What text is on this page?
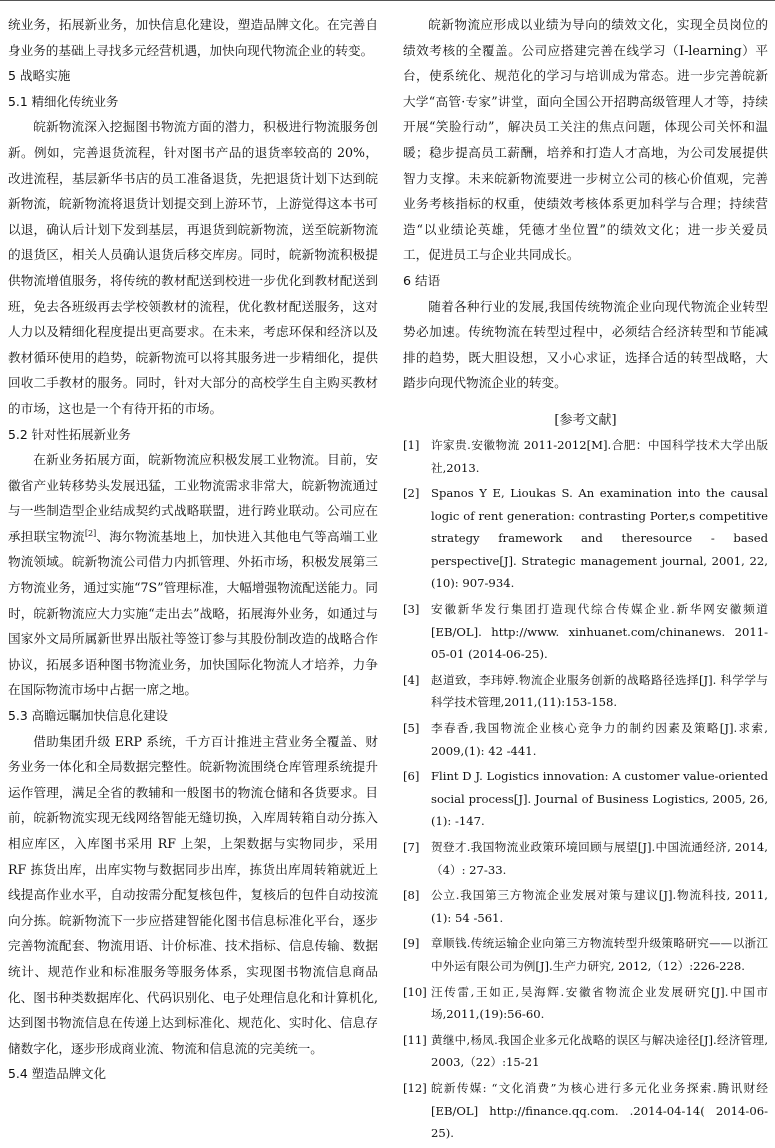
统业务，拓展新业务，加快信息化建设，塑造品牌文化。在完善自身业务的基础上寻找多元经营机遇，加快向现代物流企业的转变。

5 战略实施
5.1 精细化传统业务

皖新物流深入挖掘图书物流方面的潜力，积极进行物流服务创新。例如，完善退货流程，针对图书产品的退货率较高的 20%，改进流程，基层新华书店的员工准备退货，先把退货计划下达到皖新物流，皖新物流将退货计划提交到上游环节，上游觉得这本书可以退，确认后计划下发到基层，再退货到皖新物流，送至皖新物流的退货区，相关人员确认退货后移交库房。同时，皖新物流积极提供物流增值服务，将传统的教材配送到校进一步优化到教材配送到班，免去各班级再去学校领教材的流程，优化教材配送服务，这对人力以及精细化程度提出更高要求。在未来，考虑环保和经济以及教材循环使用的趋势，皖新物流可以将其服务进一步精细化，提供回收二手教材的服务。同时，针对大部分的高校学生自主购买教材的市场，这也是一个有待开拓的市场。

5.2 针对性拓展新业务

在新业务拓展方面，皖新物流应积极发展工业物流。目前，安徽省产业转移势头发展迅猛，工业物流需求非常大，皖新物流通过与一些制造型企业结成契约式战略联盟，进行跨业联动。公司应在承担联宝物流[2]、海尔物流基地上，加快进入其他电气等高端工业物流领域。皖新物流公司借力内抓管理、外拓市场，积极发展第三方物流业务，通过实施“7S”管理标准，大幅增强物流配送能力。同时，皖新物流应大力实施“走出去”战略，拓展海外业务，如通过与国家外文局所属新世界出版社等签订参与其股份制改造的战略合作协议，拓展多语种图书物流业务，加快国际化物流人才培养，力争在国际物流市场中占据一席之地。

5.3 高瞻远瞩加快信息化建设

借助集团升级 ERP 系统，千方百计推进主营业务全覆盖、财务业务一体化和全局数据完整性。皖新物流围绕仓库管理系统提升运作管理，满足全省的教辅和一般图书的物流仓储和各货要求。目前，皖新物流实现无线网络智能无缝切换，入库周转箱自动分拣入相应库区，入库图书采用 RF 上架，上架数据与实物同步，采用 RF 拣货出库，出库实物与数据同步出库，拣货出库周转箱就近上线提高作业水平，自动按需分配复核包件，复核后的包件自动按流向分拣。皖新物流下一步应搭建智能化图书信息标准化平台，逐步完善物流配套、物流用语、计价标准、技术指标、信息传输、数据统计、规范作业和标准服务等服务体系，实现图书物流信息商品化、图书种类数据库化、代码识别化、电子处理信息化和计算机化,达到图书物流信息在传递上达到标准化、规范化、实时化、信息存储数字化，逐步形成商业流、物流和信息流的完美统一。

5.4 塑造品牌文化

皖新物流应形成以业绩为导向的绩效文化，实现全员岗位的绩效考核的全覆盖。公司应搭建完善在线学习（I-learning）平台，使系统化、规范化的学习与培训成为常态。进一步完善皖新大学“高管·专家”讲堂，面向全国公开招聘高级管理人才等，持续开展“笑脸行动”，解决员工关注的焦点问题，体现公司关怀和温暖；稳步提高员工薪酬，培养和打造人才高地，为公司发展提供智力支撑。未来皖新物流要进一步树立公司的核心价值观，完善业务考核指标的权重，使绩效考核体系更加科学与合理；持续营造“以业绩论英雄，凭德才坐位置”的绩效文化；进一步关爱员工，促进员工与企业共同成长。

6 结语

随着各种行业的发展,我国传统物流企业向现代物流企业转型势必加速。传统物流在转型过程中，必须结合经济转型和节能减排的趋势，既大胆设想，又小心求证，选择合适的转型战略，大踏步向现代物流企业的转变。

[参考文献]
[1] 许家贵.安徽物流 2011-2012[M].合肥：中国科学技术大学出版社,2013.
[2] Spanos Y E, Lioukas S. An examination into the causal logic of rent generation: contrasting Porter,s competitive strategy framework and theresource - based perspective[J]. Strategic management journal, 2001, 22,(10): 907-934.
[3] 安徽新华发行集团打造现代综合传媒企业.新华网安徽频道[EB/OL]. http://www. xinhuanet.com/chinanews. 2011-05-01 (2014-06-25).
[4] 赵道致，李玮婷.物流企业服务创新的战略路径选择[J]. 科学学与科学技术管理,2011,(11):153-158.
[5] 李春香,我国物流企业核心竞争力的制约因素及策略[J].求索, 2009,(1): 42 -441.
[6] Flint D J. Logistics innovation: A customer value-oriented social process[J]. Journal of Business Logistics, 2005, 26, (1): -147.
[7] 贺登才.我国物流业政策环境回顾与展望[J].中国流通经济, 2014,（4）: 27-33.
[8] 公立.我国第三方物流企业发展对策与建议[J].物流科技, 2011,(1): 54 -561.
[9] 章顺钱.传统运输企业向第三方物流转型升级策略研究——以浙江中外运有限公司为例[J].生产力研究, 2012,（12）:226-228.
[10] 汪传雷,王如正,吴海辉.安徽省物流企业发展研究[J].中国市场,2011,(19):56-60.
[11] 黄继中,杨凤.我国企业多元化战略的误区与解决途径[J].经济管理, 2003,（22）:15-21
[12] 皖新传媒: “文化消费”为核心进行多元化业务探索.腾讯财经[EB/OL] http://finance.qq.com. .2014-04-14( 2014-06-25).
